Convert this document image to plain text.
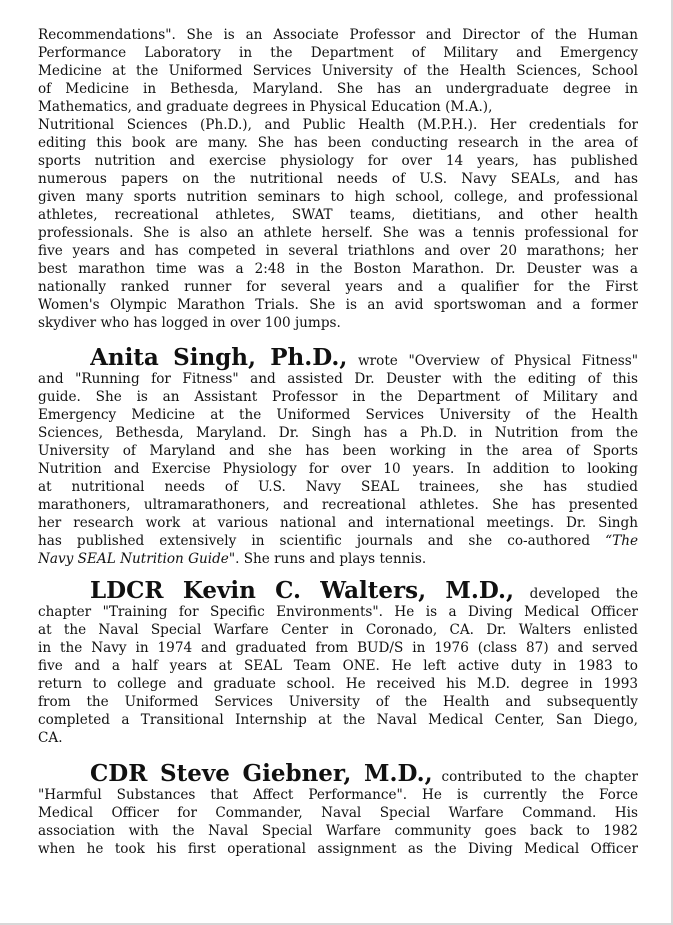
Recommendations". She is an Associate Professor and Director of the Human
Performance Laboratory in the Department of Military and Emergency
Medicine at the Uniformed Services University of the Health Sciences, School
of Medicine in Bethesda, Maryland. She has an undergraduate degree in
Mathematics, and graduate degrees in Physical Education (M.A.),
Nutritional Sciences (Ph.D.), and Public Health (M.P.H.). Her credentials for
editing this book are many. She has been conducting research in the area of
sports nutrition and exercise physiology for over 14 years, has published
numerous papers on the nutritional needs of U.S. Navy SEALs, and has
given many sports nutrition seminars to high school, college, and professional
athletes, recreational athletes, SWAT teams, dietitians, and other health
professionals. She is also an athlete herself. She was a tennis professional for
five years and has competed in several triathlons and over 20 marathons; her
best marathon time was a 2:48 in the Boston Marathon. Dr. Deuster was a
nationally ranked runner for several years and a qualifier for the First
Women's Olympic Marathon Trials. She is an avid sportswoman and a former
skydiver who has logged in over 100 jumps.
Anita Singh, Ph.D., wrote "Overview of Physical Fitness"
and "Running for Fitness" and assisted Dr. Deuster with the editing of this
guide. She is an Assistant Professor in the Department of Military and
Emergency Medicine at the Uniformed Services University of the Health
Sciences, Bethesda, Maryland. Dr. Singh has a Ph.D. in Nutrition from the
University of Maryland and she has been working in the area of Sports
Nutrition and Exercise Physiology for over 10 years. In addition to looking
at nutritional needs of U.S. Navy SEAL trainees, she has studied
marathoners, ultramarathoners, and recreational athletes. She has presented
her research work at various national and international meetings. Dr. Singh
has published extensively in scientific journals and she co-authored “The
Navy SEAL Nutrition Guide". She runs and plays tennis.
LDCR Kevin C. Walters, M.D., developed the
chapter "Training for Specific Environments". He is a Diving Medical Officer
at the Naval Special Warfare Center in Coronado, CA. Dr. Walters enlisted
in the Navy in 1974 and graduated from BUD/S in 1976 (class 87) and served
five and a half years at SEAL Team ONE. He left active duty in 1983 to
return to college and graduate school. He received his M.D. degree in 1993
from the Uniformed Services University of the Health and subsequently
completed a Transitional Internship at the Naval Medical Center, San Diego,
CA.
CDR Steve Giebner, M.D., contributed to the chapter
"Harmful Substances that Affect Performance". He is currently the Force
Medical Officer for Commander, Naval Special Warfare Command. His
association with the Naval Special Warfare community goes back to 1982
when he took his first operational assignment as the Diving Medical Officer
